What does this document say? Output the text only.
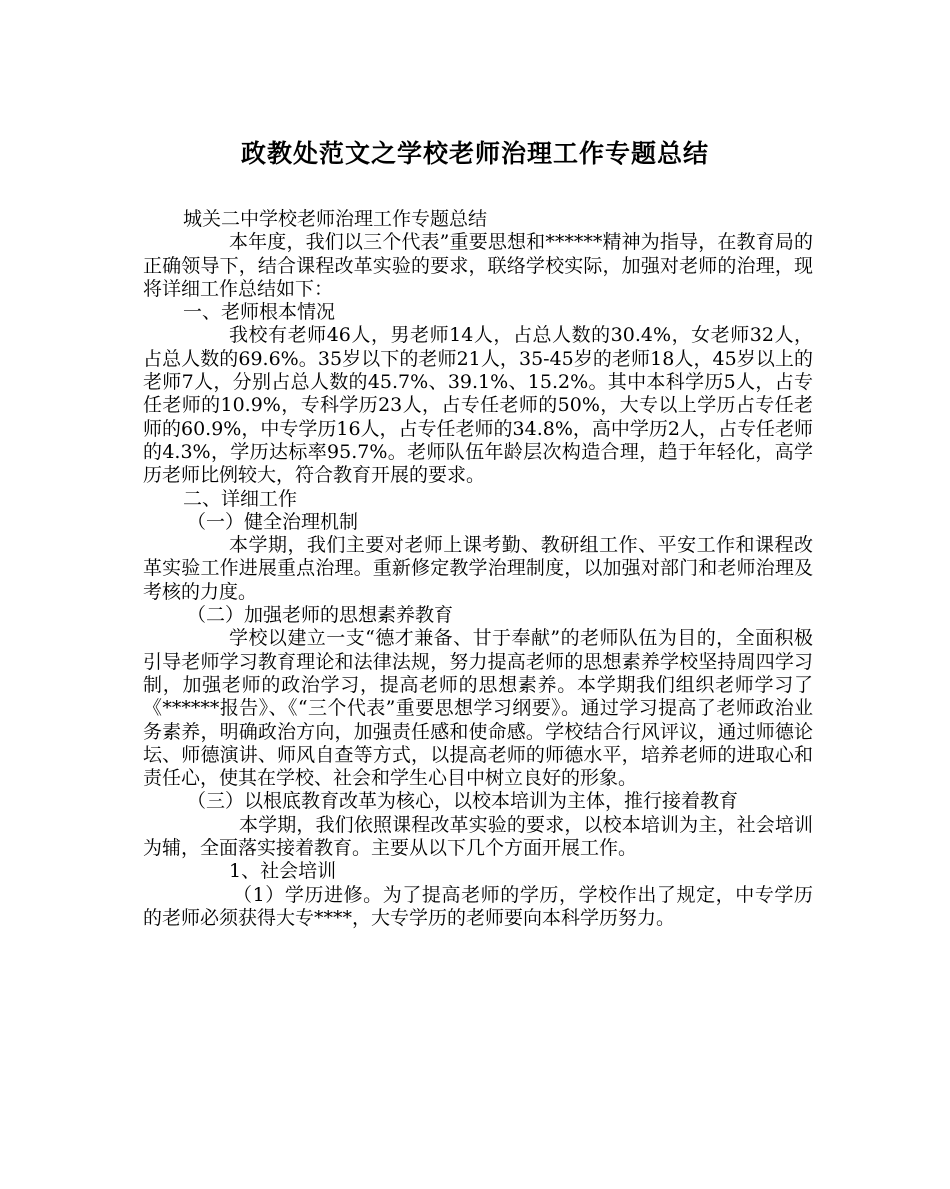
政教处范文之学校老师治理工作专题总结

城关二中学校老师治理工作专题总结

本年度，我们以三个代表”重要思想和******精神为指导，在教育局的正确领导下，结合课程改革实验的要求，联络学校实际，加强对老师的治理，现将详细工作总结如下：

一、老师根本情况

我校有老师46人，男老师14人，占总人数的30.4%，女老师32人，占总人数的69.6%。35岁以下的老师21人，35-45岁的老师18人，45岁以上的老师7人，分别占总人数的45.7%、39.1%、15.2%。其中本科学历5人，占专任老师的10.9%，专科学历23人，占专任老师的50%，大专以上学历占专任老师的60.9%，中专学历16人，占专任老师的34.8%，高中学历2人，占专任老师的4.3%，学历达标率95.7%。老师队伍年龄层次构造合理，趋于年轻化，高学历老师比例较大，符合教育开展的要求。

二、详细工作

（一）健全治理机制

本学期，我们主要对老师上课考勤、教研组工作、平安工作和课程改革实验工作进展重点治理。重新修定教学治理制度，以加强对部门和老师治理及考核的力度。

（二）加强老师的思想素养教育

学校以建立一支“德才兼备、甘于奉献”的老师队伍为目的，全面积极引导老师学习教育理论和法律法规，努力提高老师的思想素养学校坚持周四学习制，加强老师的政治学习，提高老师的思想素养。本学期我们组织老师学习了《******报告》、《“三个代表”重要思想学习纲要》。通过学习提高了老师政治业务素养，明确政治方向，加强责任感和使命感。学校结合行风评议，通过师德论坛、师德演讲、师风自查等方式，以提高老师的师德水平，培养老师的进取心和责任心，使其在学校、社会和学生心目中树立良好的形象。

（三）以根底教育改革为核心，以校本培训为主体，推行接着教育

本学期，我们依照课程改革实验的要求，以校本培训为主，社会培训为辅，全面落实接着教育。主要从以下几个方面开展工作。

1、社会培训

（1）学历进修。为了提高老师的学历，学校作出了规定，中专学历的老师必须获得大专****，大专学历的老师要向本科学历努力。
